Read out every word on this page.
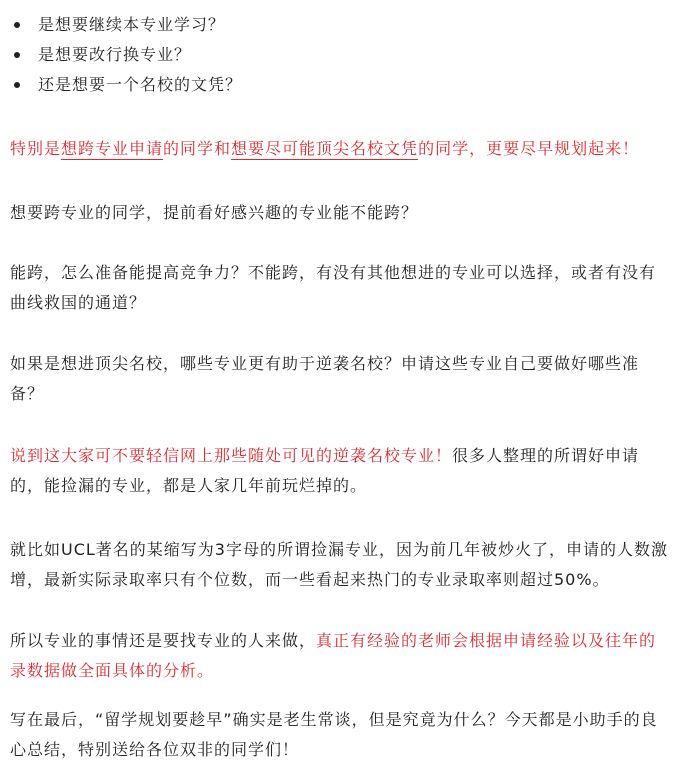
是想要继续本专业学习？
是想要改行换专业？
还是想要一个名校的文凭？

特别是想跨专业申请的同学和想要尽可能顶尖名校文凭的同学，更要尽早规划起来！

想要跨专业的同学，提前看好感兴趣的专业能不能跨？

能跨，怎么准备能提高竞争力？不能跨，有没有其他想进的专业可以选择，或者有没有曲线救国的通道？

如果是想进顶尖名校，哪些专业更有助于逆袭名校？申请这些专业自己要做好哪些准备？

说到这大家可不要轻信网上那些随处可见的逆袭名校专业！很多人整理的所谓好申请的，能捡漏的专业，都是人家几年前玩烂掉的。

就比如UCL著名的某缩写为3字母的所谓捡漏专业，因为前几年被炒火了，申请的人数激增，最新实际录取率只有个位数，而一些看起来热门的专业录取率则超过50%。

所以专业的事情还是要找专业的人来做，真正有经验的老师会根据申请经验以及往年的录数据做全面具体的分析。

写在最后，“留学规划要趁早”确实是老生常谈，但是究竟为什么？今天都是小助手的良心总结，特别送给各位双非的同学们！
